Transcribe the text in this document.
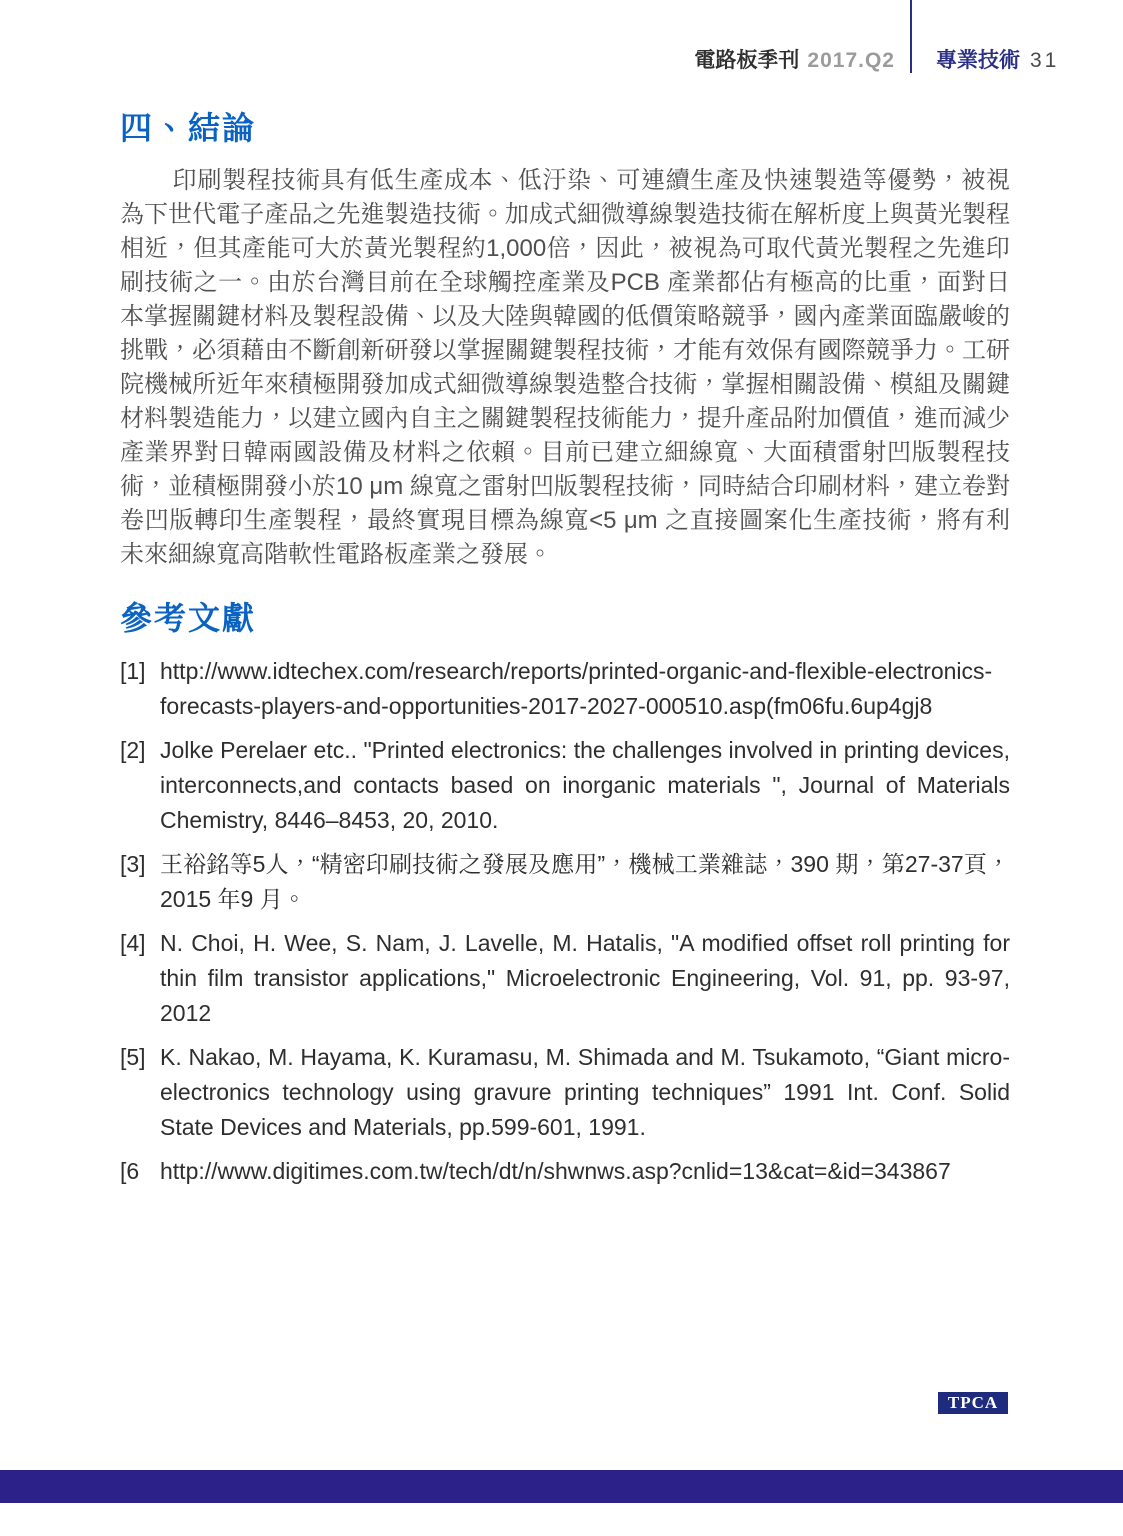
電路板季刊 2017.Q2 專業技術 31
四、結論

印刷製程技術具有低生產成本、低汙染、可連續生產及快速製造等優勢，被視為下世代電子產品之先進製造技術。加成式細微導線製造技術在解析度上與黃光製程相近，但其產能可大於黃光製程約1,000倍，因此，被視為可取代黃光製程之先進印刷技術之一。由於台灣目前在全球觸控產業及PCB 產業都佔有極高的比重，面對日本掌握關鍵材料及製程設備、以及大陸與韓國的低價策略競爭，國內產業面臨嚴峻的挑戰，必須藉由不斷創新研發以掌握關鍵製程技術，才能有效保有國際競爭力。工研院機械所近年來積極開發加成式細微導線製造整合技術，掌握相關設備、模組及關鍵材料製造能力，以建立國內自主之關鍵製程技術能力，提升產品附加價值，進而減少產業界對日韓兩國設備及材料之依賴。目前已建立細線寬、大面積雷射凹版製程技術，並積極開發小於10 μm 線寬之雷射凹版製程技術，同時結合印刷材料，建立卷對卷凹版轉印生產製程，最終實現目標為線寬<5 μm 之直接圖案化生產技術，將有利未來細線寬高階軟性電路板產業之發展。

參考文獻
[1] http://www.idtechex.com/research/reports/printed-organic-and-flexible-electronics-forecasts-players-and-opportunities-2017-2027-000510.asp(fm06fu.6up4gj8
[2] Jolke Perelaer etc.. "Printed electronics: the challenges involved in printing devices, interconnects,and contacts based on inorganic materials ", Journal of Materials Chemistry, 8446–8453, 20, 2010.
[3] 王裕銘等5人，“精密印刷技術之發展及應用”，機械工業雜誌，390 期，第27-37頁，2015 年9 月。
[4] N. Choi, H. Wee, S. Nam, J. Lavelle, M. Hatalis, "A modified offset roll printing for thin film transistor applications," Microelectronic Engineering, Vol. 91, pp. 93-97, 2012
[5] K. Nakao, M. Hayama, K. Kuramasu, M. Shimada and M. Tsukamoto, “Giant micro-electronics technology using gravure printing techniques” 1991 Int. Conf. Solid State Devices and Materials, pp.599-601, 1991.
[6 http://www.digitimes.com.tw/tech/dt/n/shwnws.asp?cnlid=13&cat=&id=343867
TPCA
